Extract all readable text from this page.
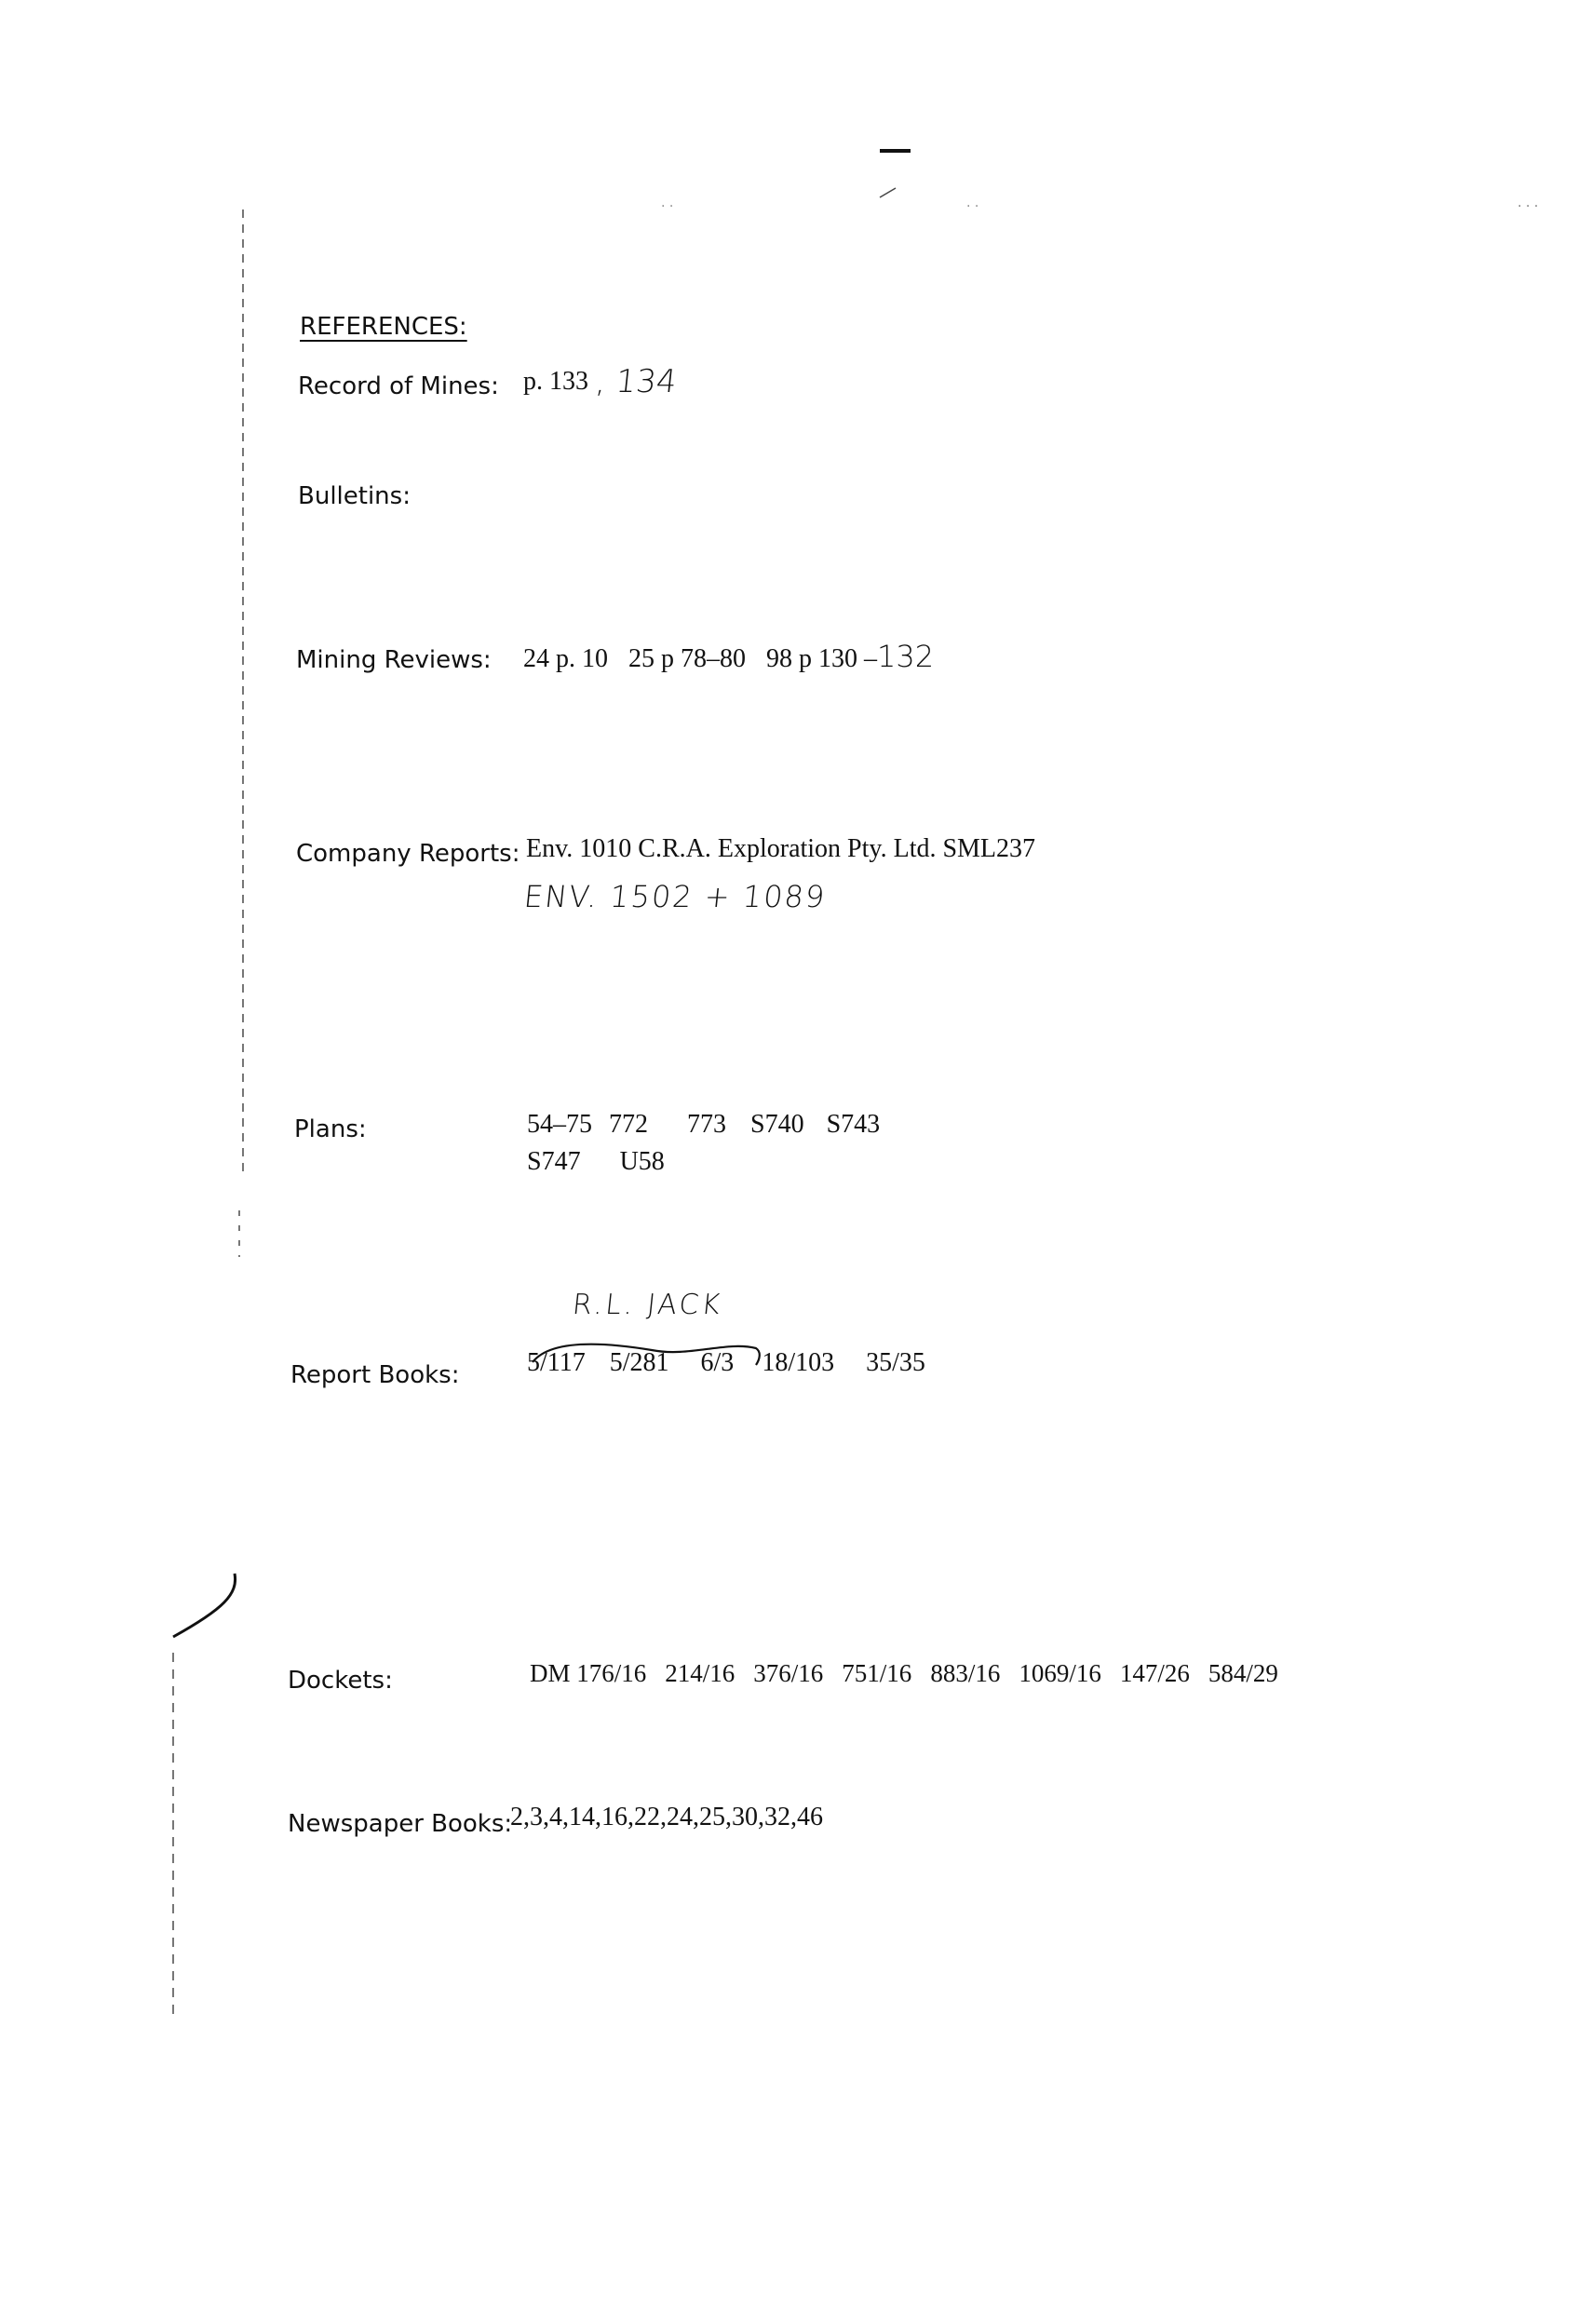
. . .
. .	. .
REFERENCES:
Record of Mines: p. 133 , 134
Bulletins:
Mining Reviews: 24 p. 10 25 p 78–80 98 p 130 –132
Company Reports: Env. 1010 C.R.A. Exploration Pty. Ltd. SML237
ENV. 1502 + 1089
Plans:	54–75 772 773 S740 S743
S747 U58
R.L. JACK
Report Books:	5/117 5/281 6/3 18/103 35/35
Dockets:	DM 176/16 214/16 376/16 751/16 883/16 1069/16 147/26 584/29
Newspaper Books:
2,3,4,14,16,22,24,25,30,32,46
